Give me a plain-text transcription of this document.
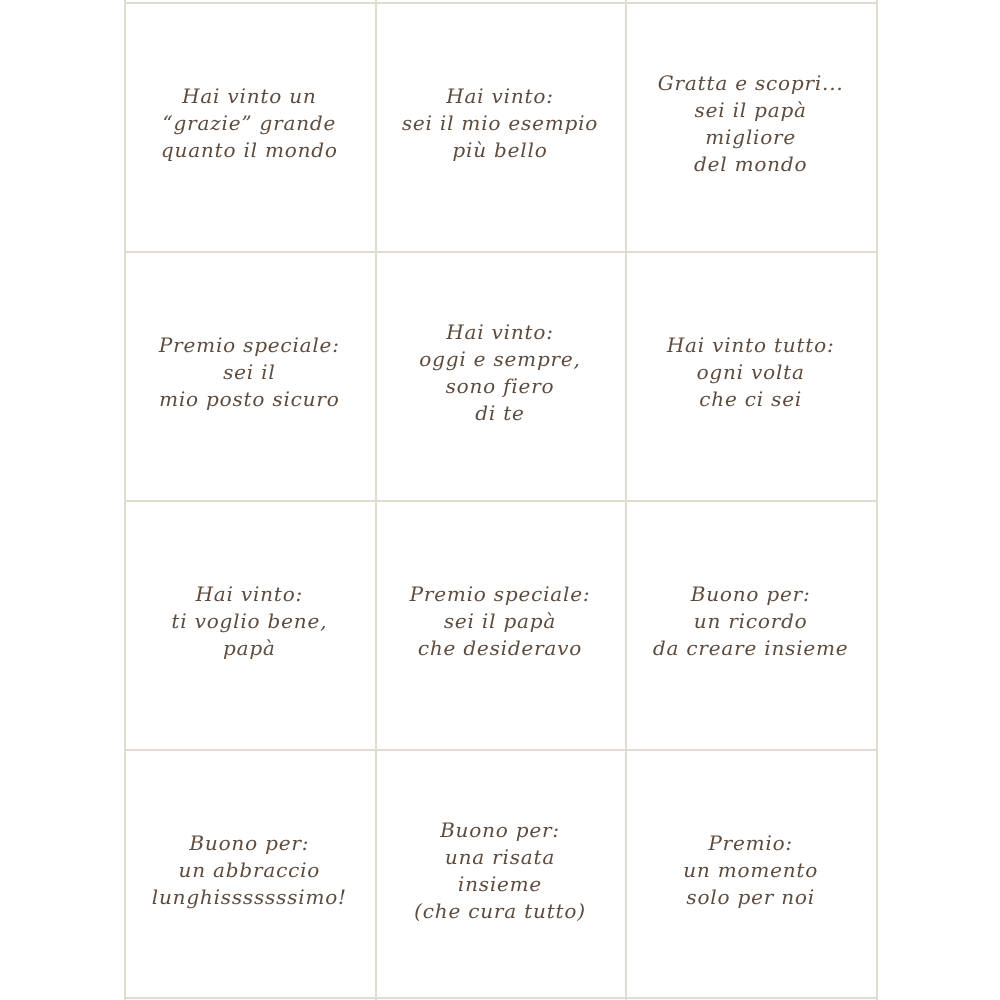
Hai vinto un
“grazie” grande
quanto il mondo
Hai vinto:
sei il mio esempio
più bello
Gratta e scopri...
sei il papà
migliore
del mondo
Premio speciale:
sei il
mio posto sicuro
Hai vinto:
oggi e sempre,
sono fiero
di te
Hai vinto tutto:
ogni volta
che ci sei
Hai vinto:
ti voglio bene,
papà
Premio speciale:
sei il papà
che desideravo
Buono per:
un ricordo
da creare insieme
Buono per:
un abbraccio
lunghisssssssimo!
Buono per:
una risata
insieme
(che cura tutto)
Premio:
un momento
solo per noi
